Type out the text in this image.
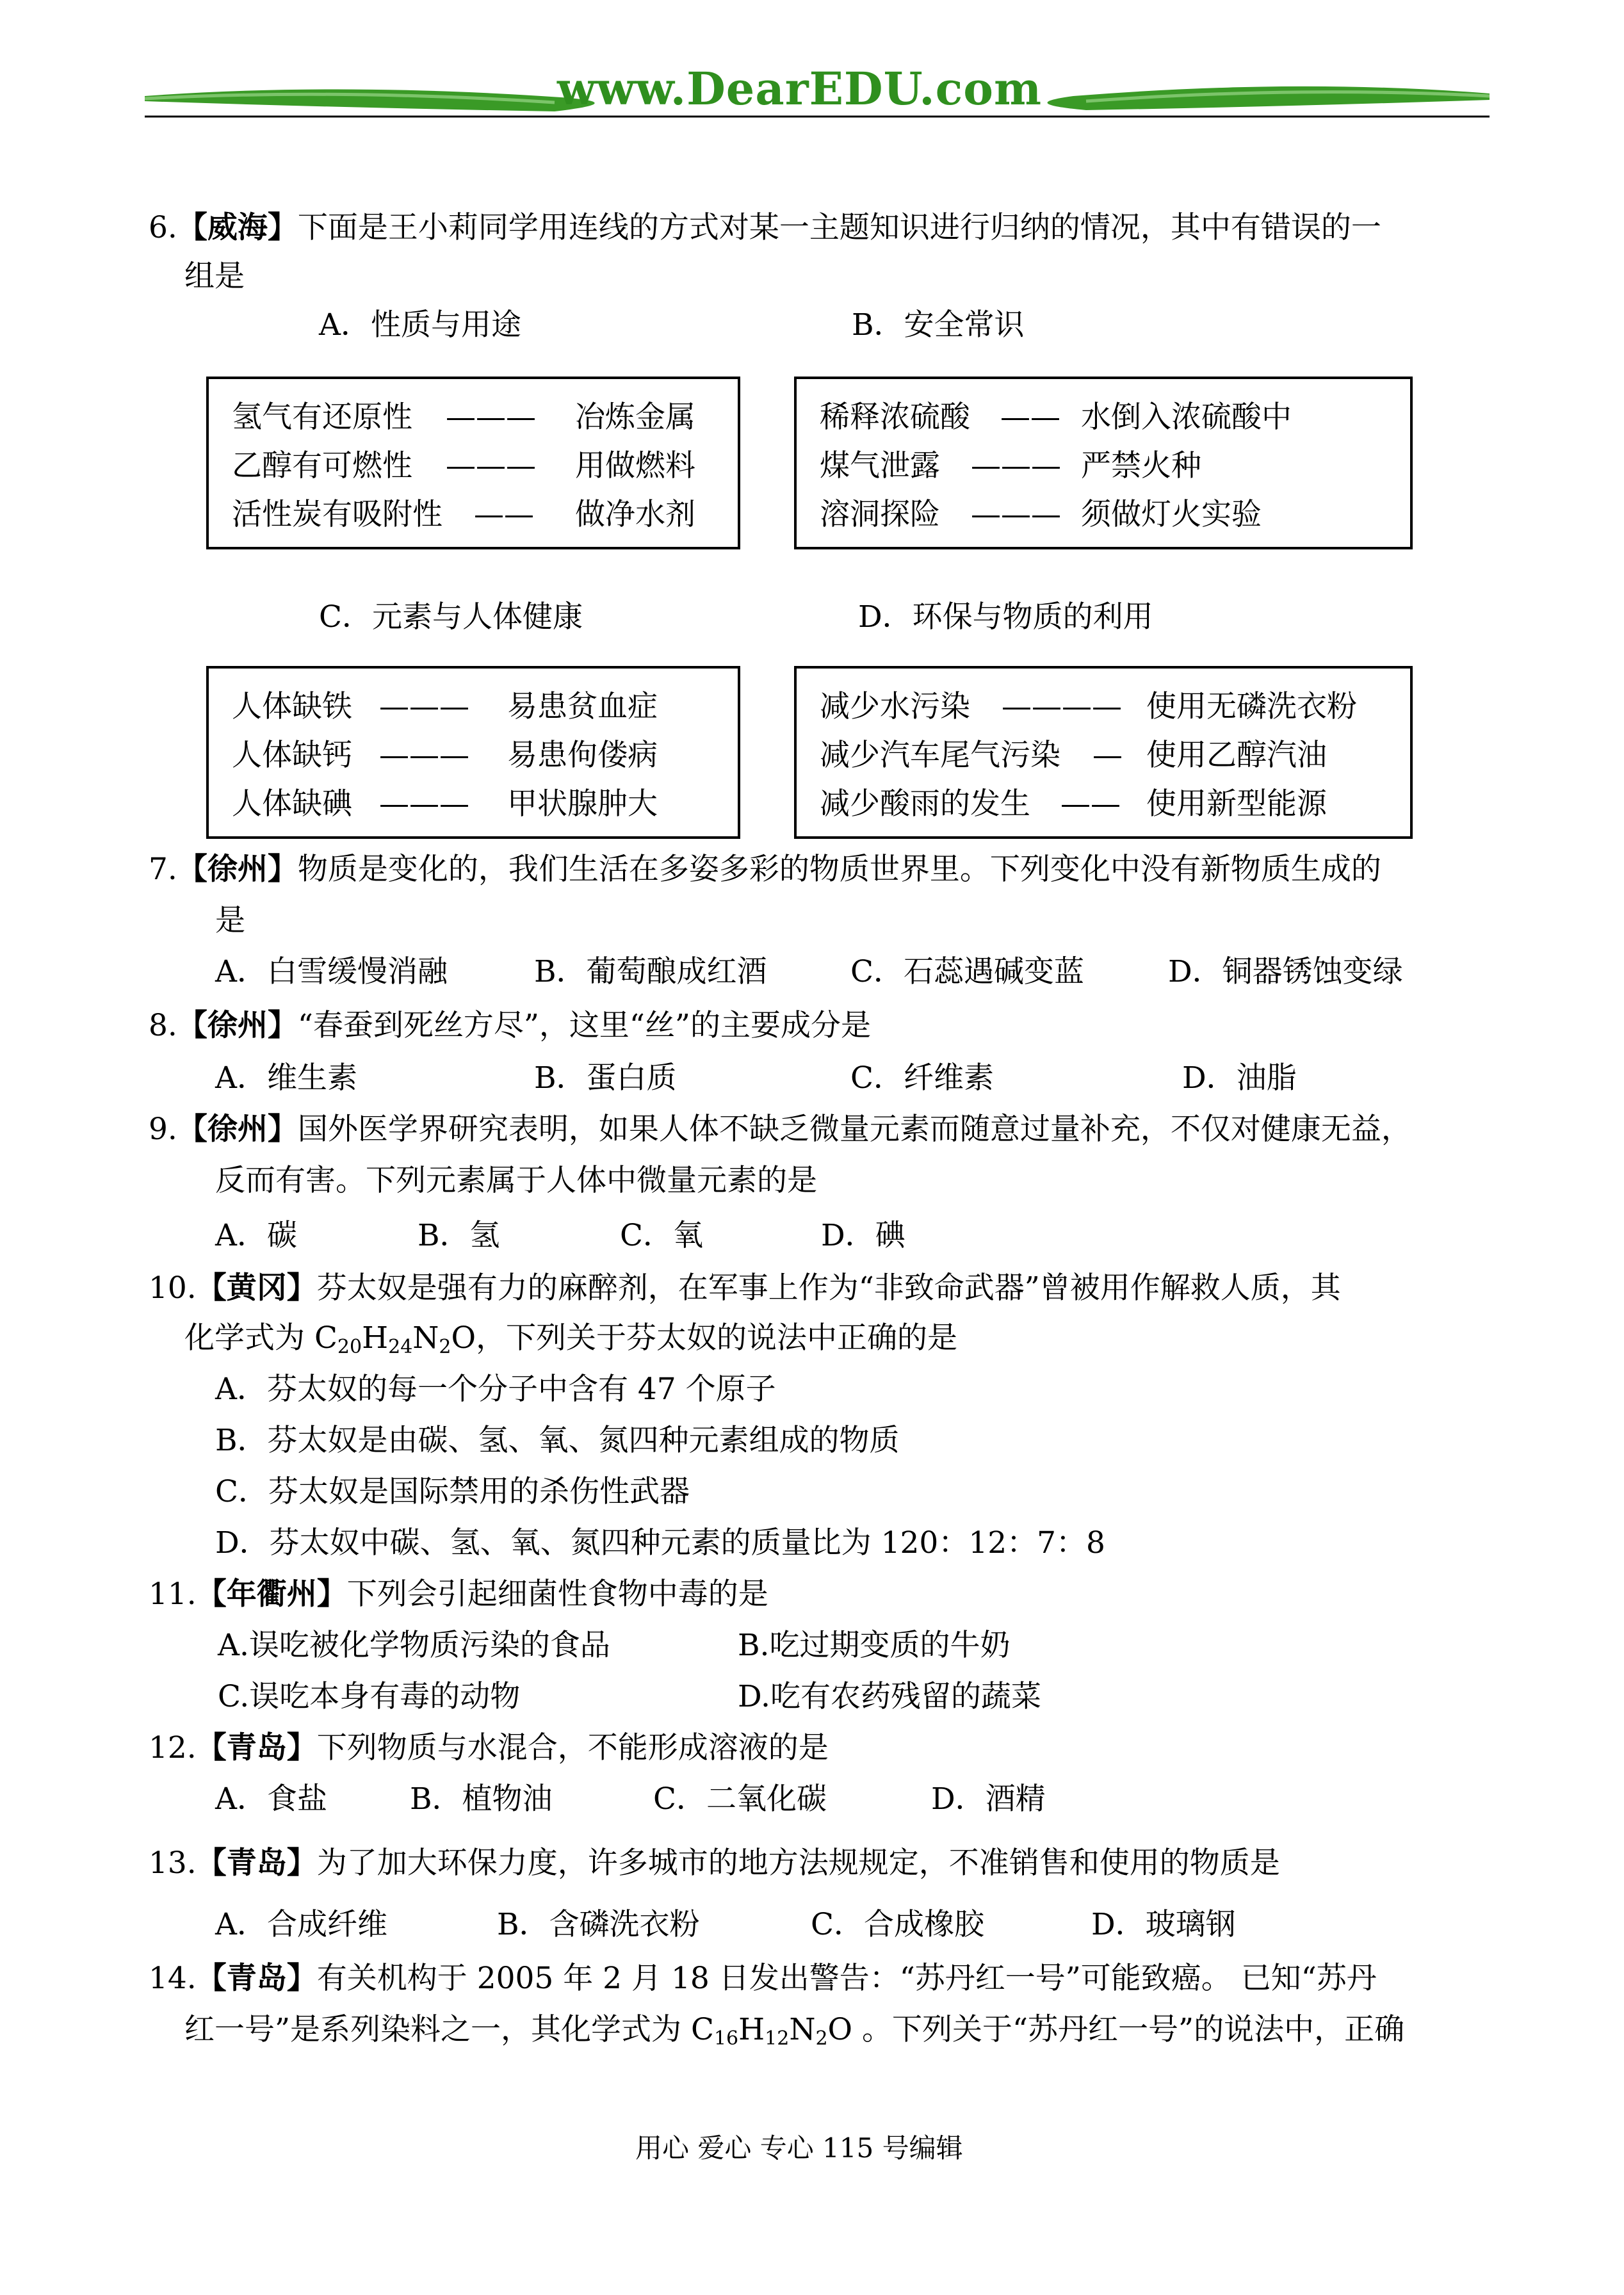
www.DearEDU.com
6.【威海】下面是王小莉同学用连线的方式对某一主题知识进行归纳的情况，其中有错误的一
组是
A．性质与用途	B．安全常识
氢气有还原性 ——— 冶炼金属
乙醇有可燃性 ——— 用做燃料
活性炭有吸附性 —— 做净水剂
稀释浓硫酸 —— 水倒入浓硫酸中
煤气泄露 ——— 严禁火种
溶洞探险 ——— 须做灯火实验
C．元素与人体健康	D．环保与物质的利用
人体缺铁 ——— 易患贫血症
人体缺钙 ——— 易患佝偻病
人体缺碘 ——— 甲状腺肿大
减少水污染 ———— 使用无磷洗衣粉
减少汽车尾气污染 — 使用乙醇汽油
减少酸雨的发生 —— 使用新型能源
7.【徐州】物质是变化的，我们生活在多姿多彩的物质世界里。下列变化中没有新物质生成的
是
A．白雪缓慢消融	B．葡萄酿成红酒	C．石蕊遇碱变蓝	D．铜器锈蚀变绿
8.【徐州】“春蚕到死丝方尽”，这里“丝”的主要成分是
A．维生素	B．蛋白质	C．纤维素	D．油脂
9.【徐州】国外医学界研究表明，如果人体不缺乏微量元素而随意过量补充，不仅对健康无益，
反而有害。下列元素属于人体中微量元素的是
A．碳	B．氢	C．氧	D．碘
10.【黄冈】芬太奴是强有力的麻醉剂，在军事上作为“非致命武器”曾被用作解救人质，其
化学式为 $C_{20}H_{24}N_2O$，下列关于芬太奴的说法中正确的是
A．芬太奴的每一个分子中含有 47 个原子
B．芬太奴是由碳、氢、氧、氮四种元素组成的物质
C．芬太奴是国际禁用的杀伤性武器
D．芬太奴中碳、氢、氧、氮四种元素的质量比为 120：12：7：8
11.【年衢州】下列会引起细菌性食物中毒的是
A.误吃被化学物质污染的食品	B.吃过期变质的牛奶
C.误吃本身有毒的动物	D.吃有农药残留的蔬菜
12.【青岛】下列物质与水混合，不能形成溶液的是
A．食盐	B．植物油	C．二氧化碳	D．酒精
13.【青岛】为了加大环保力度，许多城市的地方法规规定，不准销售和使用的物质是
A．合成纤维	B．含磷洗衣粉	C．合成橡胶	D．玻璃钢
14.【青岛】有关机构于 2005 年 2 月 18 日发出警告：“苏丹红一号”可能致癌。 已知“苏丹
红一号”是系列染料之一，其化学式为 $C_{16}H_{12}N_2O$ 。下列关于“苏丹红一号”的说法中，正确
用心 爱心 专心 115 号编辑
